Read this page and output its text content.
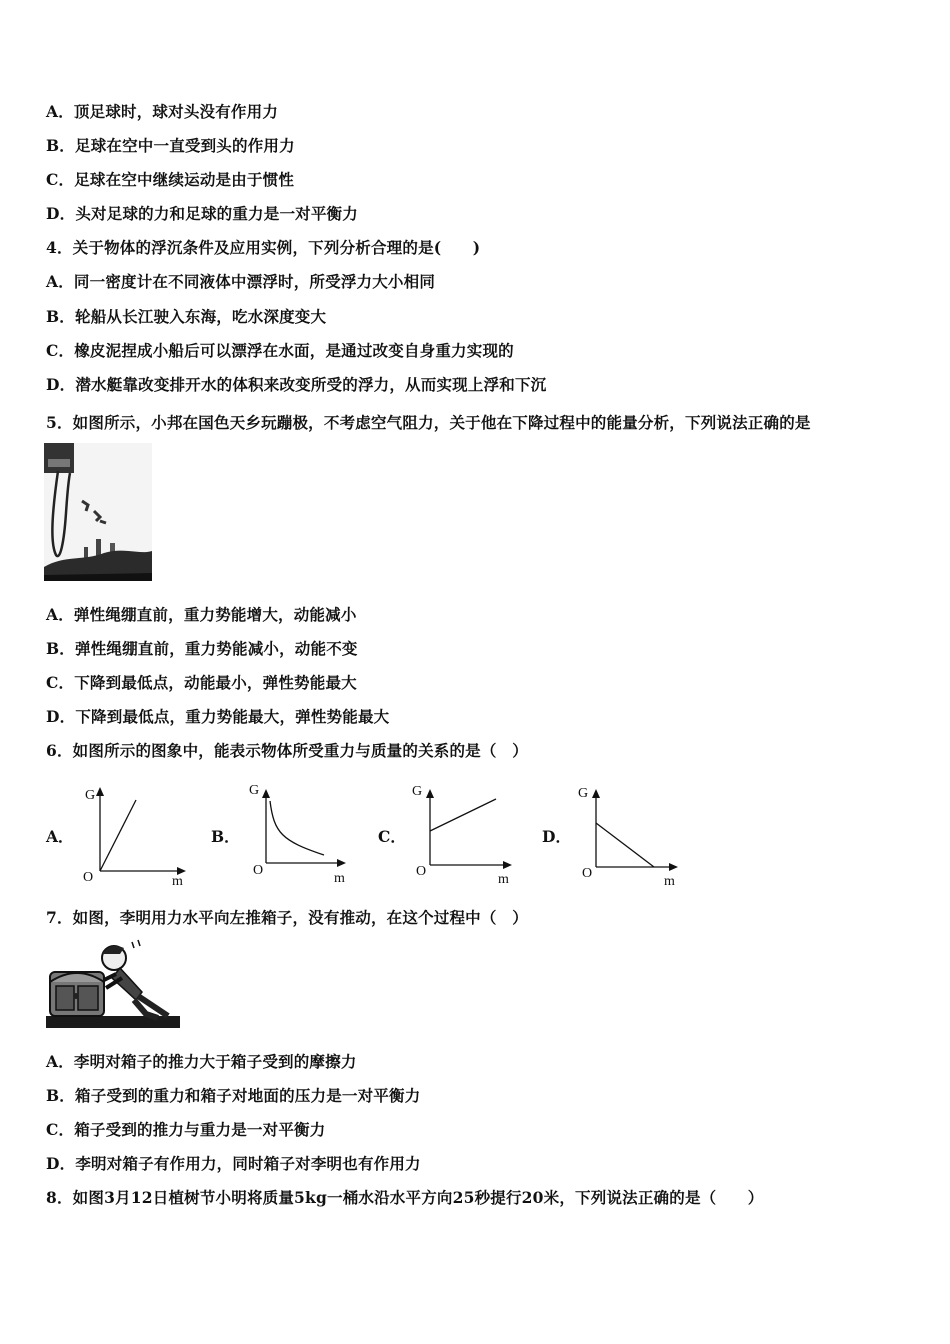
A．顶足球时，球对头没有作用力
B．足球在空中一直受到头的作用力
C．足球在空中继续运动是由于惯性
D．头对足球的力和足球的重力是一对平衡力
4．关于物体的浮沉条件及应用实例，下列分析合理的是(　　)
A．同一密度计在不同液体中漂浮时，所受浮力大小相同
B．轮船从长江驶入东海，吃水深度变大
C．橡皮泥捏成小船后可以漂浮在水面，是通过改变自身重力实现的
D．潜水艇靠改变排开水的体积来改变所受的浮力，从而实现上浮和下沉
5．如图所示，小邦在国色天乡玩蹦极，不考虑空气阻力，关于他在下降过程中的能量分析，下列说法正确的是
A．弹性绳绷直前，重力势能增大，动能减小
B．弹性绳绷直前，重力势能减小，动能不变
C．下降到最低点，动能最小，弹性势能最大
D．下降到最低点，重力势能最大，弹性势能最大
6．如图所示的图象中，能表示物体所受重力与质量的关系的是（　）
A．
G
O	m
B．
G
O
m
C．
G
O
m
D．
G
O
m
7．如图，李明用力水平向左推箱子，没有推动，在这个过程中（　）
A．李明对箱子的推力大于箱子受到的摩擦力
B．箱子受到的重力和箱子对地面的压力是一对平衡力
C．箱子受到的推力与重力是一对平衡力
D．李明对箱子有作用力，同时箱子对李明也有作用力
8．如图3月12日植树节小明将质量5kg一桶水沿水平方向25秒提行20米，下列说法正确的是（　　）
